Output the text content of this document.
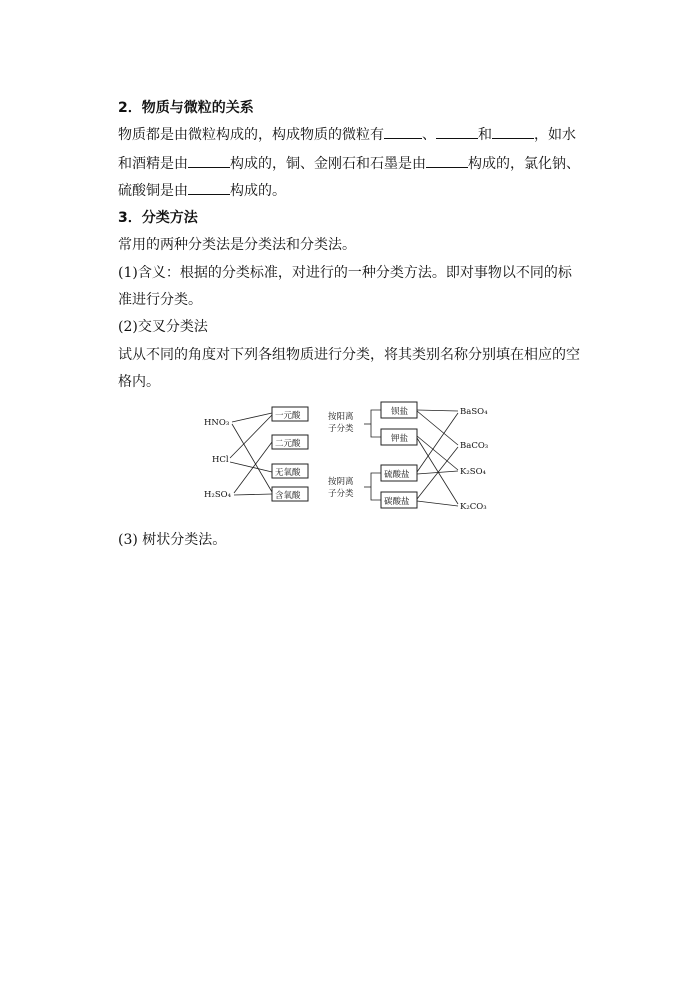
2．物质与微粒的关系
物质都是由微粒构成的，构成物质的微粒有	、	和	，如水
和酒精是由	构成的，铜、金刚石和石墨是由	构成的，氯化钠、
硫酸铜是由	构成的。
3．分类方法
常用的两种分类法是分类法和分类法。
(1)含义：根据的分类标准，对进行的一种分类方法。即对事物以不同的标
准进行分类。
(2)交叉分类法
试从不同的角度对下列各组物质进行分类，将其类别名称分别填在相应的空
格内。
HNO₃
HCl
H₂SO₄
一元酸
二元酸
无氧酸
含氧酸
按阳离
子分类
按阴离
子分类
钡盐
钾盐
硫酸盐
碳酸盐
BaSO₄
BaCO₃
K₂SO₄
K₂CO₃
(3) 树状分类法。
